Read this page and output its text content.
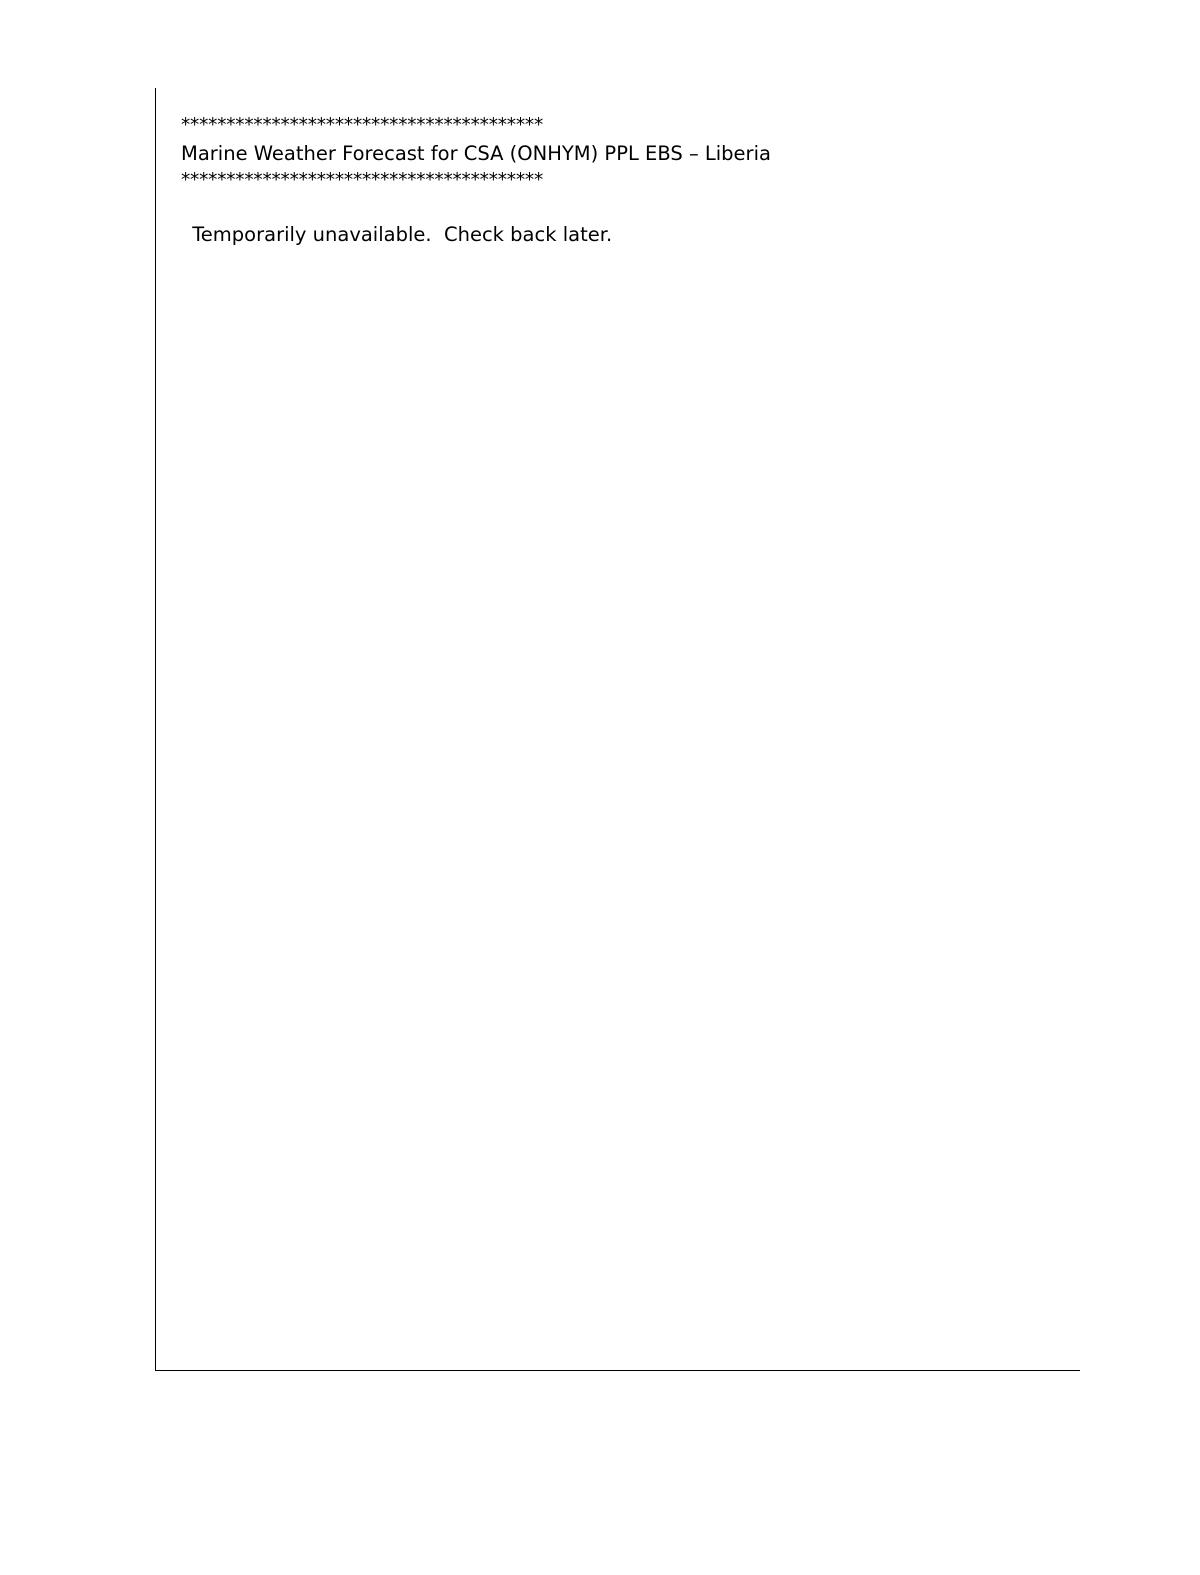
****************************************
Marine Weather Forecast for CSA (ONHYM) PPL EBS – Liberia
****************************************
Temporarily unavailable.  Check back later.
